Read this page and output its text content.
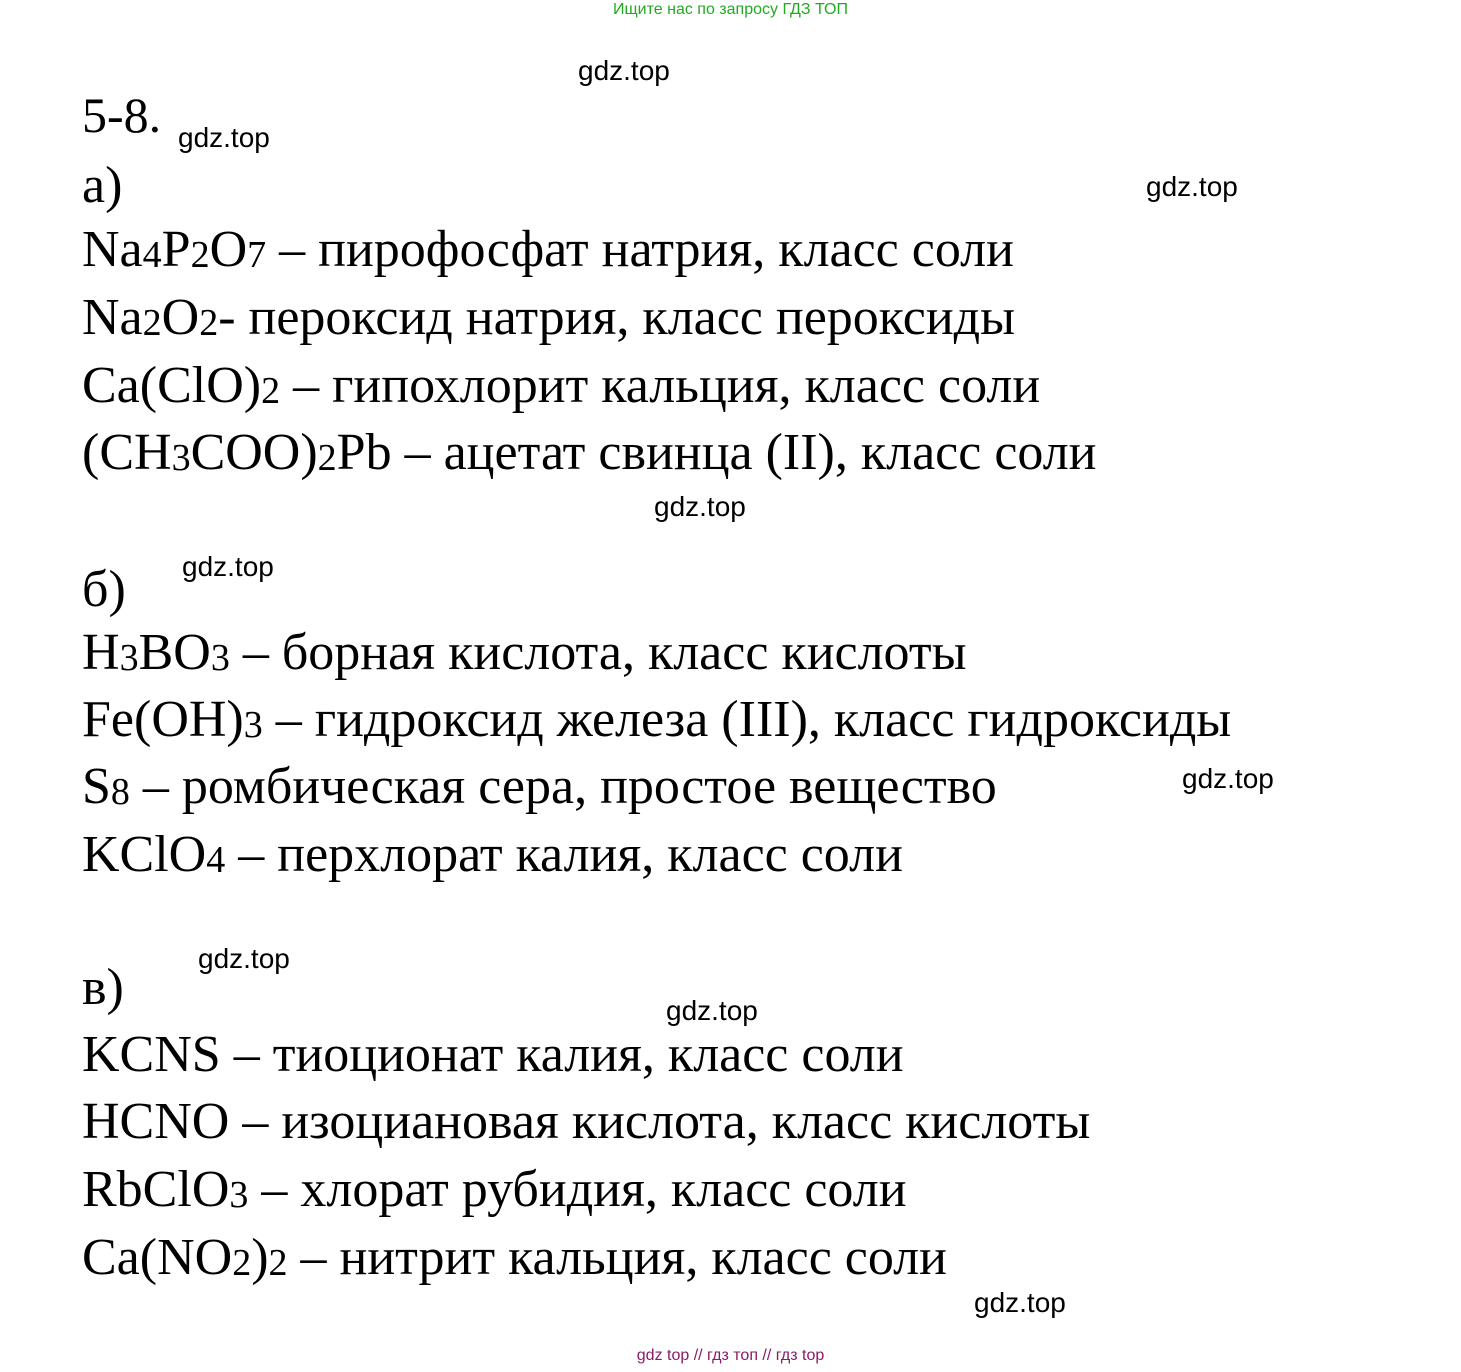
Ищите нас по запросу ГДЗ ТОП
gdz.top
gdz.top
gdz.top
gdz.top
gdz.top
gdz.top
gdz.top
gdz.top
gdz.top
5-8.
а)
б)
в)
Na4P2O7 – пирофосфат натрия, класс соли
Na2O2- пероксид натрия, класс пероксиды
Ca(ClO)2 – гипохлорит кальция, класс соли
(CH3COO)2Pb – ацетат свинца (II), класс соли
H3BO3 – борная кислота, класс кислоты
Fe(OH)3 – гидроксид железа (III), класс гидроксиды
S8 – ромбическая сера, простое вещество
KClO4 – перхлорат калия, класс соли
KCNS – тиоционат калия, класс соли
HCNO – изоциановая кислота, класс кислоты
RbClO3 – хлорат рубидия, класс соли
Ca(NO2)2 – нитрит кальция, класс соли
gdz top // гдз топ // гдз top
